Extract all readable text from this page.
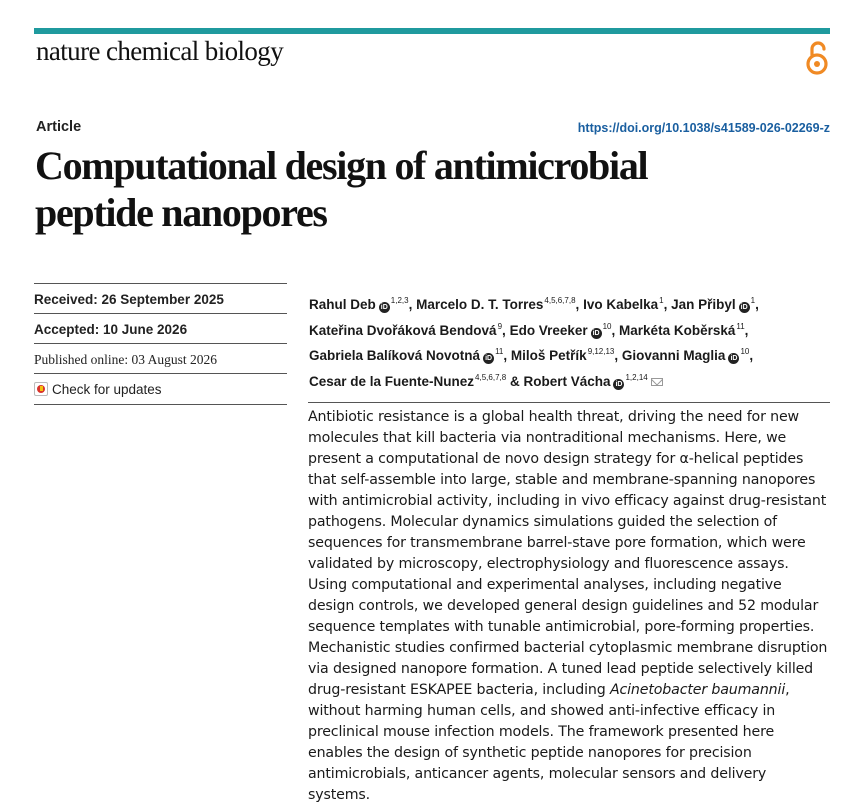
nature chemical biology
Article	https://doi.org/10.1038/s41589-026-02269-z
Computational design of antimicrobial
peptide nanopores
Received: 26 September 2025
Accepted: 10 June 2026
Published online: 03 August 2026
Check for updates
Rahul Deb iD$^{1,2,3}$, Marcelo D. T. Torres$^{4,5,6,7,8}$, Ivo Kabelka$^1$, Jan Přibyl $iD^1$, Kateřina Dvořáková Bendová$^9$, Edo Vreeker $iD^{10}$, Markéta Koběrská$^{11}$, Gabriela Balíková Novotná $iD^{11}$, Miloš Petřík$^{9,12,13}$, Giovanni Maglia $iD^{10}$, Cesar de la Fuente-Nunez$^{4,5,6,7,8}$ & Robert Vácha iD$^{1,2,14}$

Antibiotic resistance is a global health threat, driving the need for new molecules that kill bacteria via nontraditional mechanisms. Here, we present a computational de novo design strategy for α-helical peptides that self-assemble into large, stable and membrane-spanning nanopores with antimicrobial activity, including in vivo efficacy against drug-resistant pathogens. Molecular dynamics simulations guided the selection of sequences for transmembrane barrel-stave pore formation, which were validated by microscopy, electrophysiology and fluorescence assays. Using computational and experimental analyses, including negative design controls, we developed general design guidelines and 52 modular sequence templates with tunable antimicrobial, pore-forming properties. Mechanistic studies confirmed bacterial cytoplasmic membrane disruption via designed nanopore formation. A tuned lead peptide selectively killed drug-resistant ESKAPEE bacteria, including Acinetobacter baumannii, without harming human cells, and showed anti-infective efficacy in preclinical mouse infection models. The framework presented here enables the design of synthetic peptide nanopores for precision antimicrobials, anticancer agents, molecular sensors and delivery systems.
